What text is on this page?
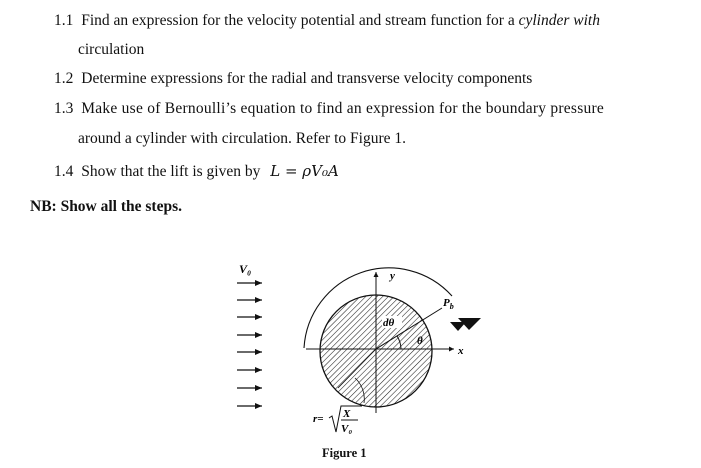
1.1 Find an expression for the velocity potential and stream function for a cylinder with
circulation
1.2 Determine expressions for the radial and transverse velocity components
1.3 Make use of Bernoulli’s equation to find an expression for the boundary pressure
around a cylinder with circulation. Refer to Figure 1.
1.4 Show that the lift is given by L = ρV₀A
NB: Show all the steps.
V₀	y
x
θ
dθ
$P_b$
r= X
V₀
Figure 1
